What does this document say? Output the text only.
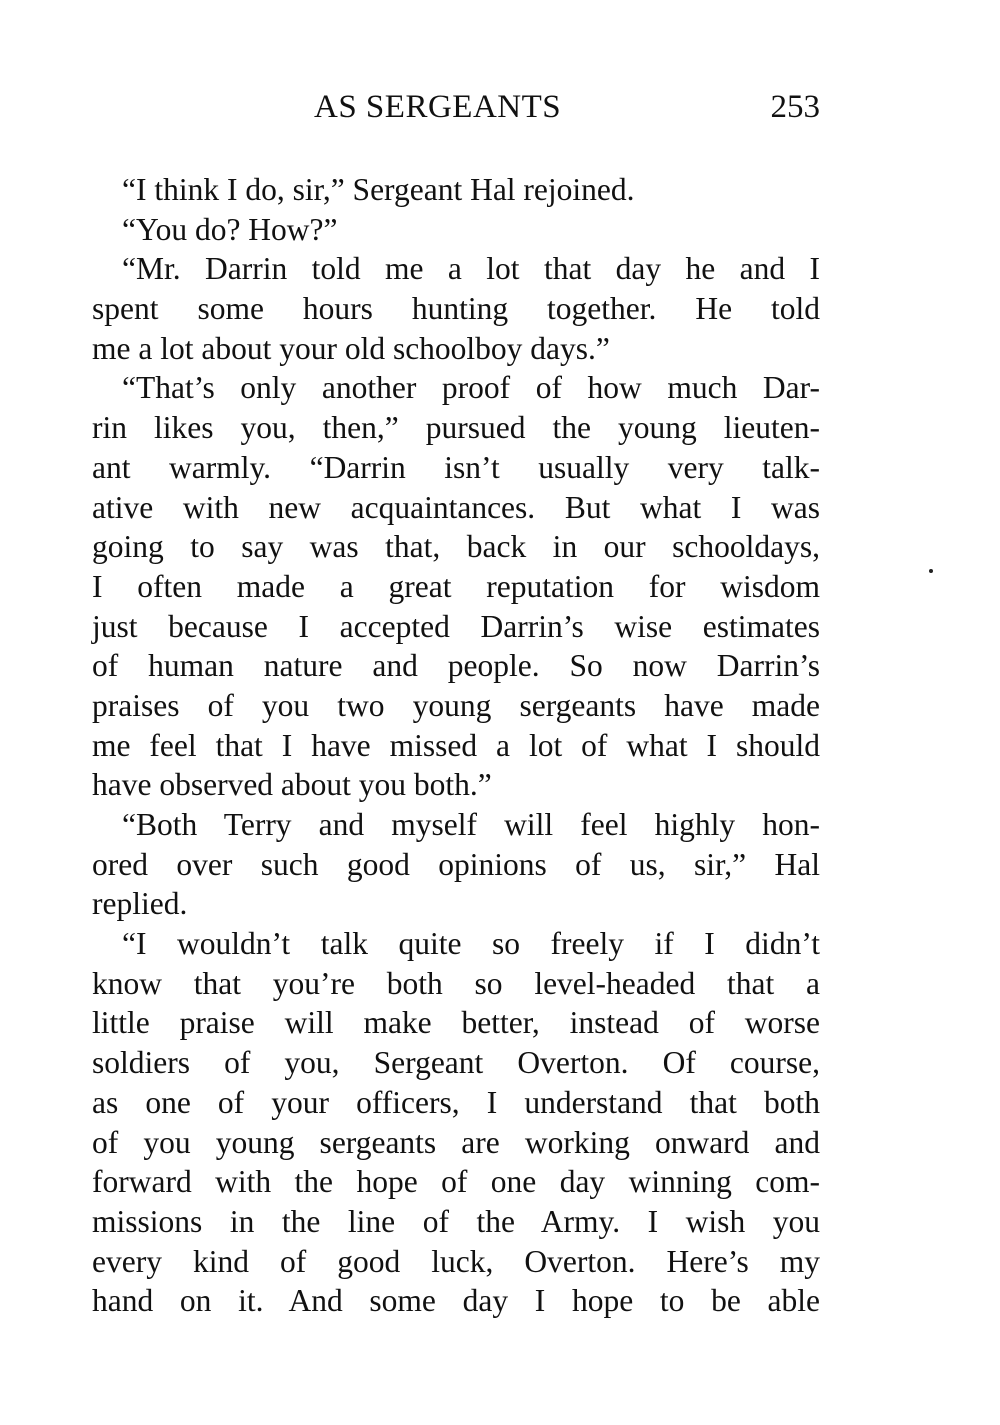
AS SERGEANTS	253
“I think I do, sir,” Sergeant Hal rejoined.
“You do? How?”
“Mr. Darrin told me a lot that day he and I
spent some hours hunting together. He told
me a lot about your old schoolboy days.”
“That’s only another proof of how much Dar-
rin likes you, then,” pursued the young lieuten-
ant warmly. “Darrin isn’t usually very talk-
ative with new acquaintances. But what I was
going to say was that, back in our schooldays,
I often made a great reputation for wisdom
just because I accepted Darrin’s wise estimates
of human nature and people. So now Darrin’s
praises of you two young sergeants have made
me feel that I have missed a lot of what I should
have observed about you both.”
“Both Terry and myself will feel highly hon-
ored over such good opinions of us, sir,” Hal
replied.
“I wouldn’t talk quite so freely if I didn’t
know that you’re both so level-headed that a
little praise will make better, instead of worse
soldiers of you, Sergeant Overton. Of course,
as one of your officers, I understand that both
of you young sergeants are working onward and
forward with the hope of one day winning com-
missions in the line of the Army. I wish you
every kind of good luck, Overton. Here’s my
hand on it. And some day I hope to be able
